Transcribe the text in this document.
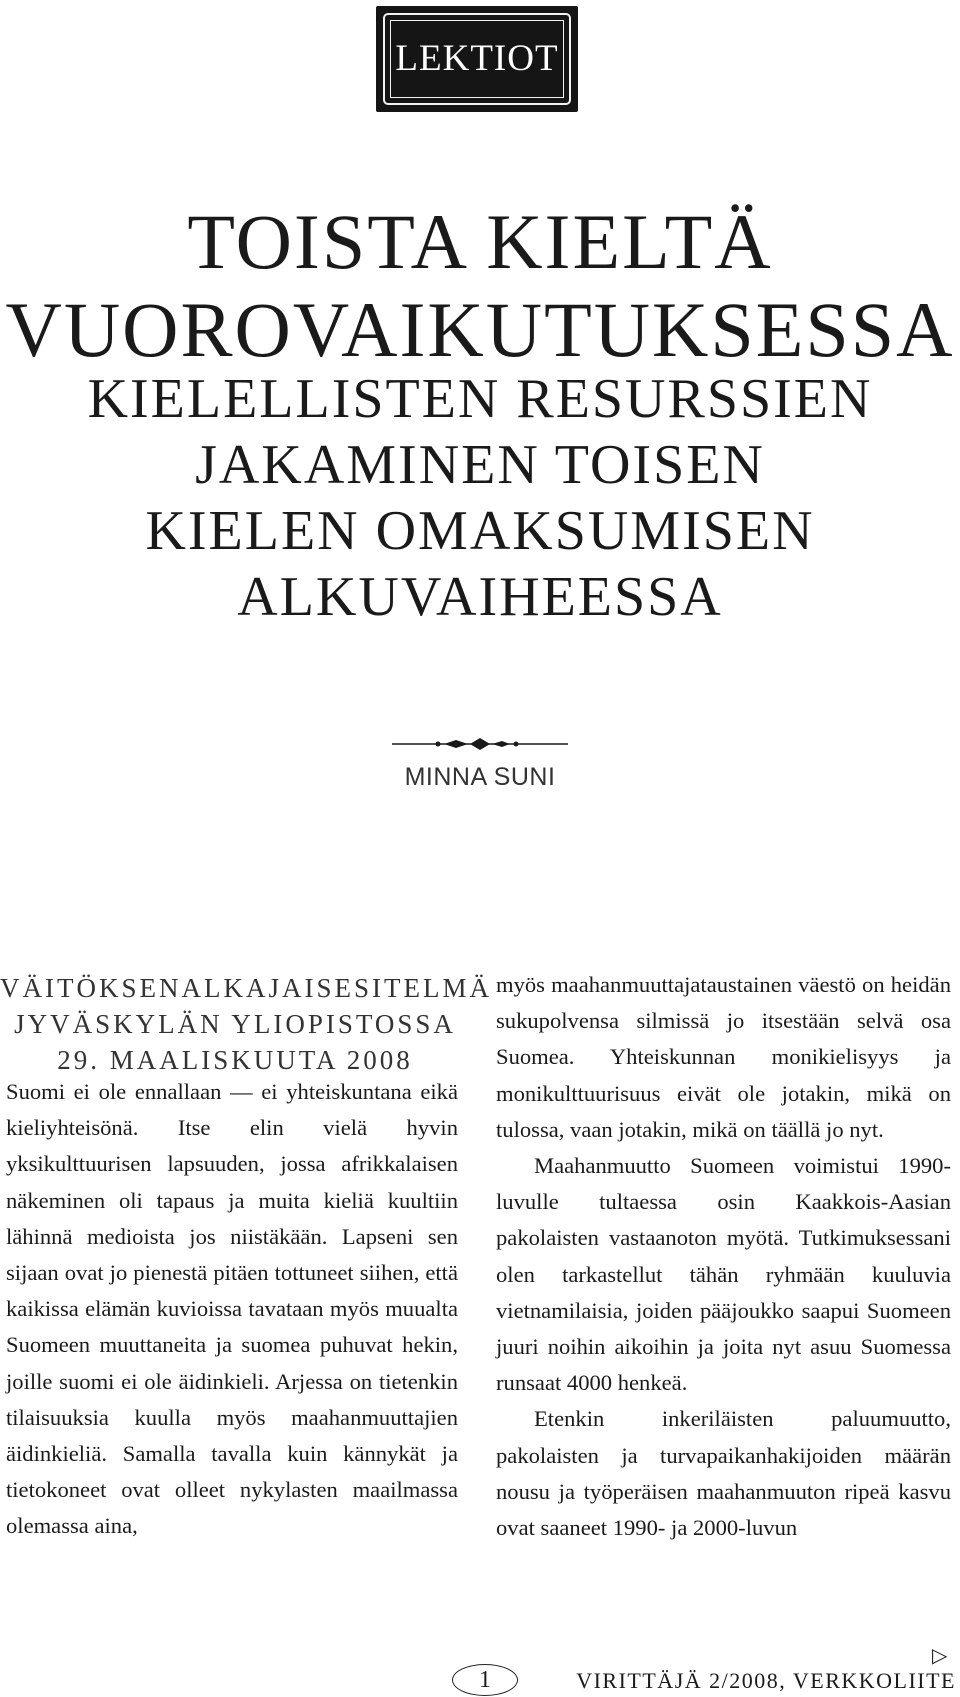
LEKTIOT
TOISTA KIELTÄ
VUOROVAIKUTUKSESSA
KIELELLISTEN RESURSSIEN
JAKAMINEN TOISEN
KIELEN OMAKSUMISEN
ALKUVAIHEESSA
MINNA SUNI
VÄITÖKSENALKAJAISESITELMÄ
JYVÄSKYLÄN YLIOPISTOSSA
29. MAALISKUUTA 2008

Suomi ei ole ennallaan — ei yhteiskuntana eikä kieliyhteisönä. Itse elin vielä hyvin yksikulttuurisen lapsuuden, jossa afrikkalaisen näkeminen oli tapaus ja muita kieliä kuultiin lähinnä medioista jos niistäkään. Lapseni sen sijaan ovat jo pienestä pitäen tottuneet siihen, että kaikissa elämän kuvioissa tavataan myös muualta Suomeen muuttaneita ja suomea puhuvat hekin, joille suomi ei ole äidinkieli. Arjessa on tietenkin tilaisuuksia kuulla myös maahanmuuttajien äidinkieliä. Samalla tavalla kuin kännykät ja tietokoneet ovat olleet nykylasten maailmassa olemassa aina,

myös maahanmuuttajataustainen väestö on heidän sukupolvensa silmissä jo itsestään selvä osa Suomea. Yhteiskunnan monikielisyys ja monikulttuurisuus eivät ole jotakin, mikä on tulossa, vaan jotakin, mikä on täällä jo nyt.

Maahanmuutto Suomeen voimistui 1990-luvulle tultaessa osin Kaakkois-Aasian pakolaisten vastaanoton myötä. Tutkimuksessani olen tarkastellut tähän ryhmään kuuluvia vietnamilaisia, joiden pääjoukko saapui Suomeen juuri noihin aikoihin ja joita nyt asuu Suomessa runsaat 4000 henkeä.

Etenkin inkeriläisten paluumuutto, pakolaisten ja turvapaikanhakijoiden määrän nousu ja työperäisen maahanmuuton ripeä kasvu ovat saaneet 1990- ja 2000-luvun

▷
1	VIRITTÄJÄ 2/2008, VERKKOLIITE
